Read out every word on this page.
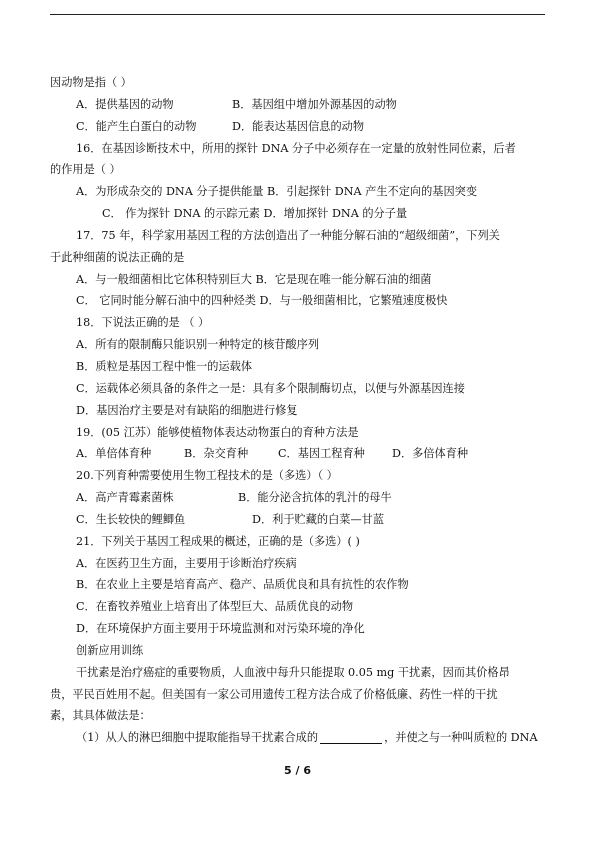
因动物是指（ ）
A．提供基因的动物	B．基因组中增加外源基因的动物
C．能产生白蛋白的动物	D．能表达基因信息的动物
16．在基因诊断技术中，所用的探针 DNA 分子中必须存在一定量的放射性同位素，后者
的作用是（ ）
A．为形成杂交的 DNA 分子提供能量 B．引起探针 DNA 产生不定向的基因突变
C． 作为探针 DNA 的示踪元素 D．增加探针 DNA 的分子量
17．75 年，科学家用基因工程的方法创造出了一种能分解石油的“超级细菌”，下列关
于此种细菌的说法正确的是
A．与一般细菌相比它体积特别巨大 B．它是现在唯一能分解石油的细菌
C． 它同时能分解石油中的四种烃类 D．与一般细菌相比，它繁殖速度极快
18．下说法正确的是 （ ）
A．所有的限制酶只能识别一种特定的核苷酸序列
B．质粒是基因工程中惟一的运载体
C．运载体必须具备的条件之一是：具有多个限制酶切点，以便与外源基因连接
D．基因治疗主要是对有缺陷的细胞进行修复
19．(05 江苏）能够使植物体表达动物蛋白的育种方法是
A．单倍体育种	B．杂交育种	C．基因工程育种	D．多倍体育种
20.下列育种需要使用生物工程技术的是（多选）（ ）
A．高产青霉素菌株	B．能分泌含抗体的乳汁的母牛
C．生长较快的鲤鲫鱼	D．利于贮藏的白菜—甘蓝
21．下列关于基因工程成果的概述，正确的是（多选）( )
A．在医药卫生方面，主要用于诊断治疗疾病
B．在农业上主要是培育高产、稳产、品质优良和具有抗性的农作物
C．在畜牧养殖业上培育出了体型巨大、品质优良的动物
D．在环境保护方面主要用于环境监测和对污染环境的净化
创新应用训练
干扰素是治疗癌症的重要物质，人血液中每升只能提取 0.05 mg 干扰素，因而其价格昂
贵，平民百姓用不起。但美国有一家公司用遗传工程方法合成了价格低廉、药性一样的干扰
素，其具体做法是：
（1）从人的淋巴细胞中提取能指导干扰素合成的	，并使之与一种叫质粒的 DNA
5 / 6
